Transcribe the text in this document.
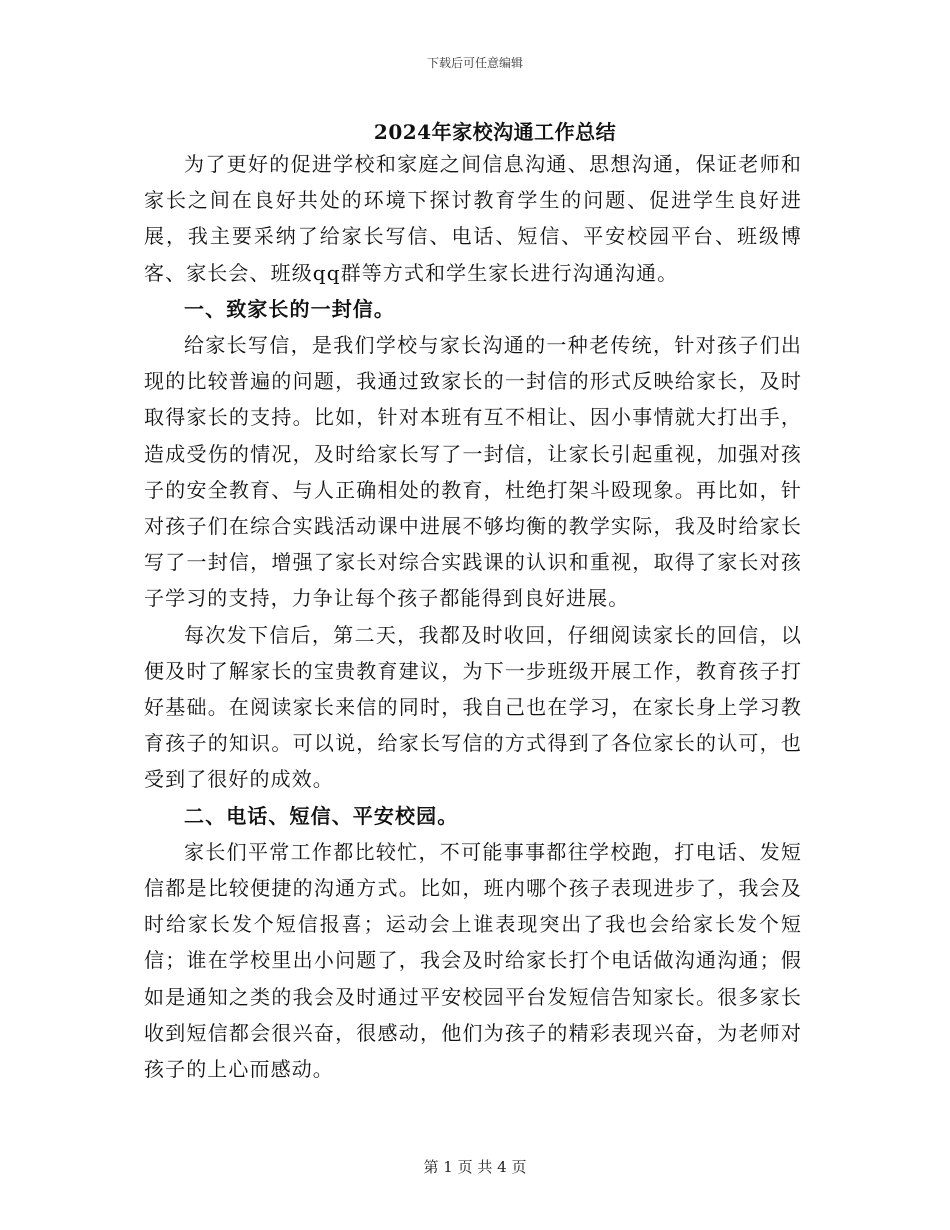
下载后可任意编辑
2024年家校沟通工作总结

为了更好的促进学校和家庭之间信息沟通、思想沟通，保证老师和家长之间在良好共处的环境下探讨教育学生的问题、促进学生良好进展，我主要采纳了给家长写信、电话、短信、平安校园平台、班级博客、家长会、班级qq群等方式和学生家长进行沟通沟通。

一、致家长的一封信。

给家长写信，是我们学校与家长沟通的一种老传统，针对孩子们出现的比较普遍的问题，我通过致家长的一封信的形式反映给家长，及时取得家长的支持。比如，针对本班有互不相让、因小事情就大打出手，造成受伤的情况，及时给家长写了一封信，让家长引起重视，加强对孩子的安全教育、与人正确相处的教育，杜绝打架斗殴现象。再比如，针对孩子们在综合实践活动课中进展不够均衡的教学实际，我及时给家长写了一封信，增强了家长对综合实践课的认识和重视，取得了家长对孩子学习的支持，力争让每个孩子都能得到良好进展。

每次发下信后，第二天，我都及时收回，仔细阅读家长的回信，以便及时了解家长的宝贵教育建议，为下一步班级开展工作，教育孩子打好基础。在阅读家长来信的同时，我自己也在学习，在家长身上学习教育孩子的知识。可以说，给家长写信的方式得到了各位家长的认可，也受到了很好的成效。

二、电话、短信、平安校园。

家长们平常工作都比较忙，不可能事事都往学校跑，打电话、发短信都是比较便捷的沟通方式。比如，班内哪个孩子表现进步了，我会及时给家长发个短信报喜；运动会上谁表现突出了我也会给家长发个短信；谁在学校里出小问题了，我会及时给家长打个电话做沟通沟通；假如是通知之类的我会及时通过平安校园平台发短信告知家长。很多家长收到短信都会很兴奋，很感动，他们为孩子的精彩表现兴奋，为老师对孩子的上心而感动。

第 1 页 共 4 页
